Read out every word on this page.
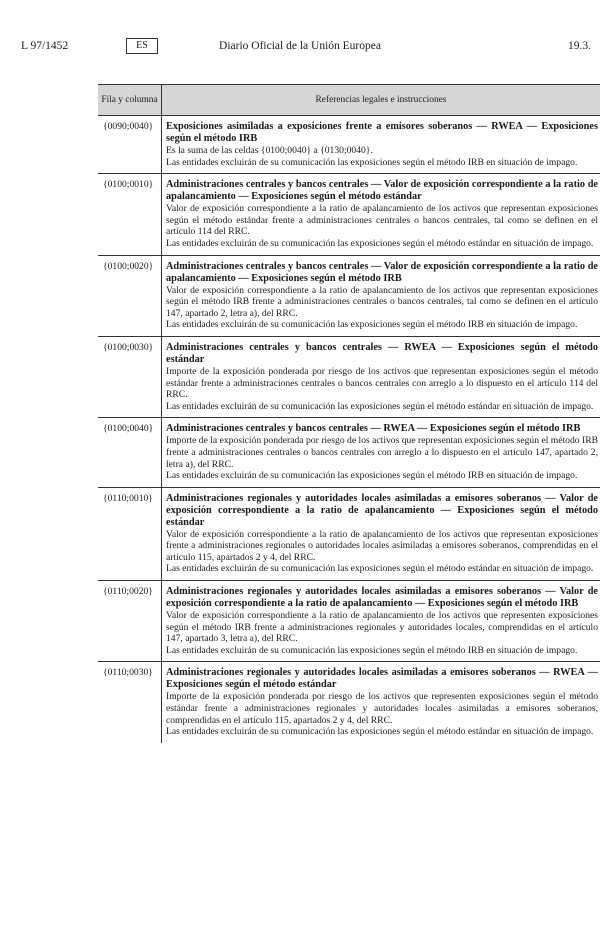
L 97/1452	ES	Diario Oficial de la Unión Europea	19.3.
Fila y columna	Referencias legales e instrucciones
{0090;0040}	Exposiciones asimiladas a exposiciones frente a emisores soberanos — RWEA — Exposiciones según el método IRB
Es la suma de las celdas {0100;0040} a {0130;0040}.
Las entidades excluirán de su comunicación las exposiciones según el método IRB en situación de impago.

{0100;0010}	Administraciones centrales y bancos centrales — Valor de exposición correspondiente a la ratio de apalancamiento — Exposiciones según el método estándar
Valor de exposición correspondiente a la ratio de apalancamiento de los activos que representan exposiciones según el método estándar frente a administraciones centrales o bancos centrales, tal como se definen en el artículo 114 del RRC.
Las entidades excluirán de su comunicación las exposiciones según el método estándar en situación de impago.

{0100;0020}	Administraciones centrales y bancos centrales — Valor de exposición correspondiente a la ratio de apalancamiento — Exposiciones según el método IRB
Valor de exposición correspondiente a la ratio de apalancamiento de los activos que representan exposiciones según el método IRB frente a administraciones centrales o bancos centrales, tal como se definen en el artículo 147, apartado 2, letra a), del RRC.
Las entidades excluirán de su comunicación las exposiciones según el método IRB en situación de impago.

{0100;0030}	Administraciones centrales y bancos centrales — RWEA — Exposiciones según el método estándar
Importe de la exposición ponderada por riesgo de los activos que representan exposiciones según el método estándar frente a administraciones centrales o bancos centrales con arreglo a lo dispuesto en el artículo 114 del RRC.
Las entidades excluirán de su comunicación las exposiciones según el método estándar en situación de impago.

{0100;0040}	Administraciones centrales y bancos centrales — RWEA — Exposiciones según el método IRB
Importe de la exposición ponderada por riesgo de los activos que representan exposiciones según el método IRB frente a administraciones centrales o bancos centrales con arreglo a lo dispuesto en el artículo 147, apartado 2, letra a), del RRC.
Las entidades excluirán de su comunicación las exposiciones según el método IRB en situación de impago.

{0110;0010}	Administraciones regionales y autoridades locales asimiladas a emisores soberanos — Valor de exposición correspondiente a la ratio de apalancamiento — Exposiciones según el método estándar
Valor de exposición correspondiente a la ratio de apalancamiento de los activos que representan exposiciones frente a administraciones regionales o autoridades locales asimiladas a emisores soberanos, comprendidas en el artículo 115, apartados 2 y 4, del RRC.
Las entidades excluirán de su comunicación las exposiciones según el método estándar en situación de impago.

{0110;0020}	Administraciones regionales y autoridades locales asimiladas a emisores soberanos — Valor de exposición correspondiente a la ratio de apalancamiento — Exposiciones según el método IRB
Valor de exposición correspondiente a la ratio de apalancamiento de los activos que representen exposiciones según el método IRB frente a administraciones regionales y autoridades locales, comprendidas en el artículo 147, apartado 3, letra a), del RRC.
Las entidades excluirán de su comunicación las exposiciones según el método IRB en situación de impago.

{0110;0030}	Administraciones regionales y autoridades locales asimiladas a emisores soberanos — RWEA — Exposiciones según el método estándar
Importe de la exposición ponderada por riesgo de los activos que representen exposiciones según el método estándar frente a administraciones regionales y autoridades locales asimiladas a emisores soberanos, comprendidas en el artículo 115, apartados 2 y 4, del RRC.
Las entidades excluirán de su comunicación las exposiciones según el método estándar en situación de impago.
